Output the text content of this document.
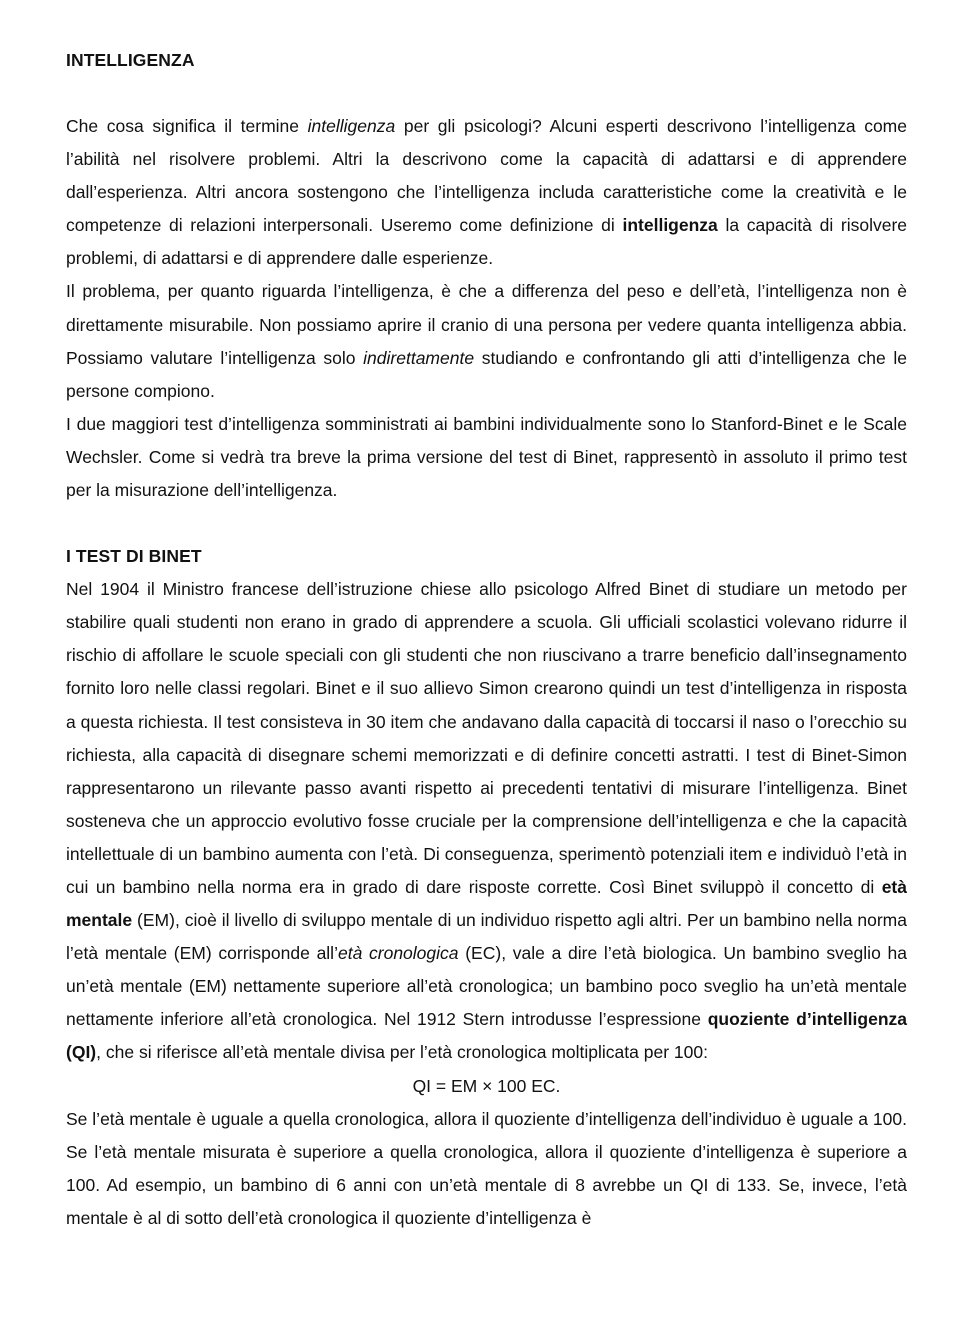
INTELLIGENZA

Che cosa significa il termine intelligenza per gli psicologi? Alcuni esperti descrivono l’intelligenza come l’abilità nel risolvere problemi. Altri la descrivono come la capacità di adattarsi e di apprendere dall’esperienza. Altri ancora sostengono che l’intelligenza includa caratteristiche come la creatività e le competenze di relazioni interpersonali. Useremo come definizione di intelligenza la capacità di risolvere problemi, di adattarsi e di apprendere dalle esperienze.

Il problema, per quanto riguarda l’intelligenza, è che a differenza del peso e dell’età, l’intelligenza non è direttamente misurabile. Non possiamo aprire il cranio di una persona per vedere quanta intelligenza abbia. Possiamo valutare l’intelligenza solo indirettamente studiando e confrontando gli atti d’intelligenza che le persone compiono.

I due maggiori test d’intelligenza somministrati ai bambini individualmente sono lo Stanford-Binet e le Scale Wechsler. Come si vedrà tra breve la prima versione del test di Binet, rappresentò in assoluto il primo test per la misurazione dell’intelligenza.

I TEST DI BINET

Nel 1904 il Ministro francese dell’istruzione chiese allo psicologo Alfred Binet di studiare un metodo per stabilire quali studenti non erano in grado di apprendere a scuola. Gli ufficiali scolastici volevano ridurre il rischio di affollare le scuole speciali con gli studenti che non riuscivano a trarre beneficio dall’insegnamento fornito loro nelle classi regolari. Binet e il suo allievo Simon crearono quindi un test d’intelligenza in risposta a questa richiesta. Il test consisteva in 30 item che andavano dalla capacità di toccarsi il naso o l’orecchio su richiesta, alla capacità di disegnare schemi memorizzati e di definire concetti astratti. I test di Binet-Simon rappresentarono un rilevante passo avanti rispetto ai precedenti tentativi di misurare l’intelligenza. Binet sosteneva che un approccio evolutivo fosse cruciale per la comprensione dell’intelligenza e che la capacità intellettuale di un bambino aumenta con l’età. Di conseguenza, sperimentò potenziali item e individuò l’età in cui un bambino nella norma era in grado di dare risposte corrette. Così Binet sviluppò il concetto di età mentale (EM), cioè il livello di sviluppo mentale di un individuo rispetto agli altri. Per un bambino nella norma l’età mentale (EM) corrisponde all’età cronologica (EC), vale a dire l’età biologica. Un bambino sveglio ha un’età mentale (EM) nettamente superiore all’età cronologica; un bambino poco sveglio ha un’età mentale nettamente inferiore all’età cronologica. Nel 1912 Stern introdusse l’espressione quoziente d’intelligenza (QI), che si riferisce all’età mentale divisa per l’età cronologica moltiplicata per 100:

QI = EM × 100 EC.

Se l’età mentale è uguale a quella cronologica, allora il quoziente d’intelligenza dell’individuo è uguale a 100. Se l’età mentale misurata è superiore a quella cronologica, allora il quoziente d’intelligenza è superiore a 100. Ad esempio, un bambino di 6 anni con un’età mentale di 8 avrebbe un QI di 133. Se, invece, l’età mentale è al di sotto dell’età cronologica il quoziente d’intelligenza è
